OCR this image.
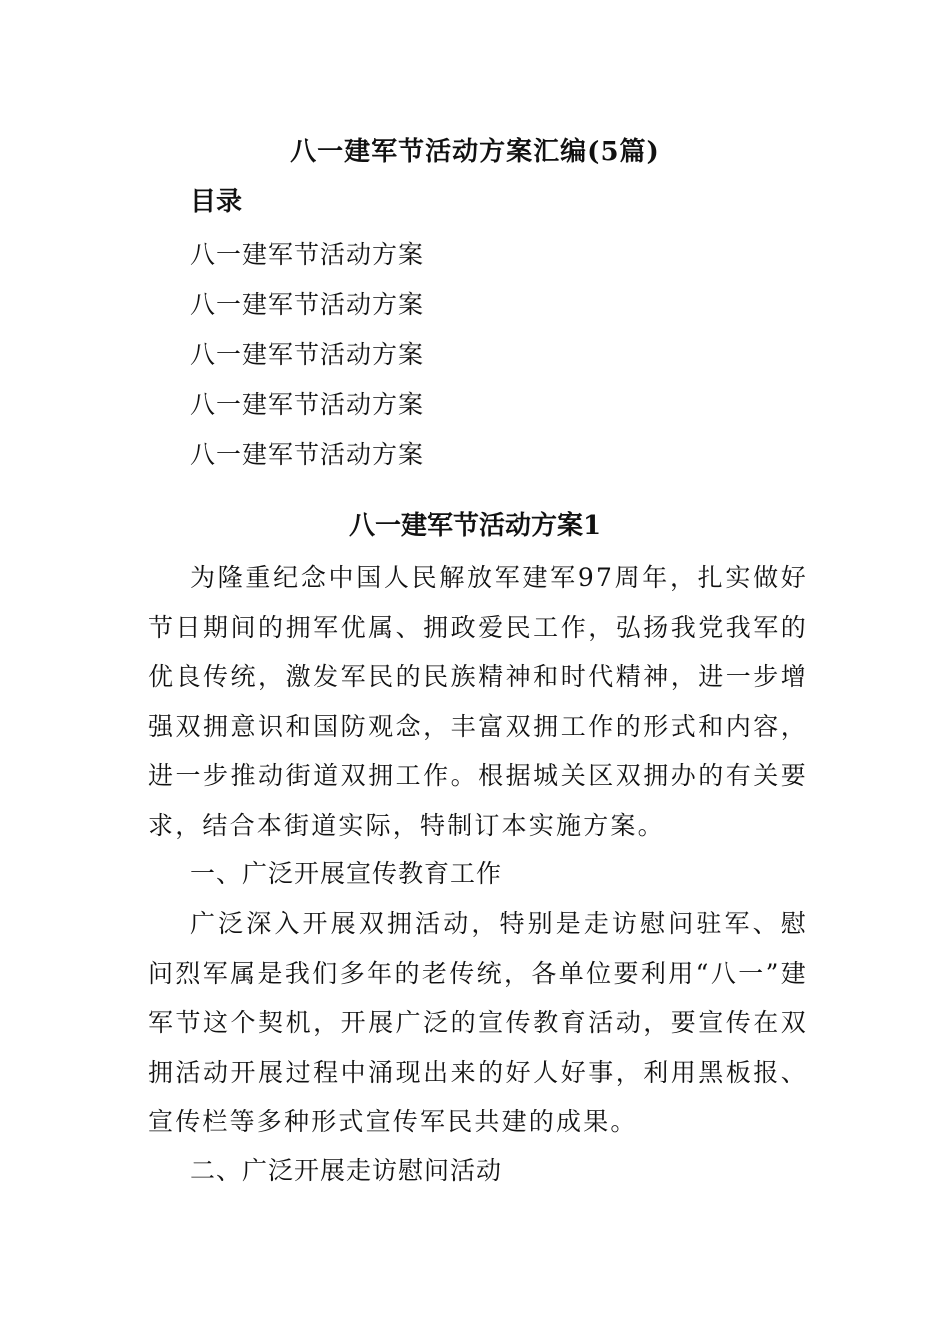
八一建军节活动方案汇编(5篇)
目录
八一建军节活动方案
八一建军节活动方案
八一建军节活动方案
八一建军节活动方案
八一建军节活动方案
八一建军节活动方案1

为隆重纪念中国人民解放军建军97周年，扎实做好节日期间的拥军优属、拥政爱民工作，弘扬我党我军的优良传统，激发军民的民族精神和时代精神，进一步增强双拥意识和国防观念，丰富双拥工作的形式和内容，进一步推动街道双拥工作。根据城关区双拥办的有关要求，结合本街道实际，特制订本实施方案。

一、广泛开展宣传教育工作

广泛深入开展双拥活动，特别是走访慰问驻军、慰问烈军属是我们多年的老传统，各单位要利用“八一”建军节这个契机，开展广泛的宣传教育活动，要宣传在双拥活动开展过程中涌现出来的好人好事，利用黑板报、宣传栏等多种形式宣传军民共建的成果。

二、广泛开展走访慰问活动
